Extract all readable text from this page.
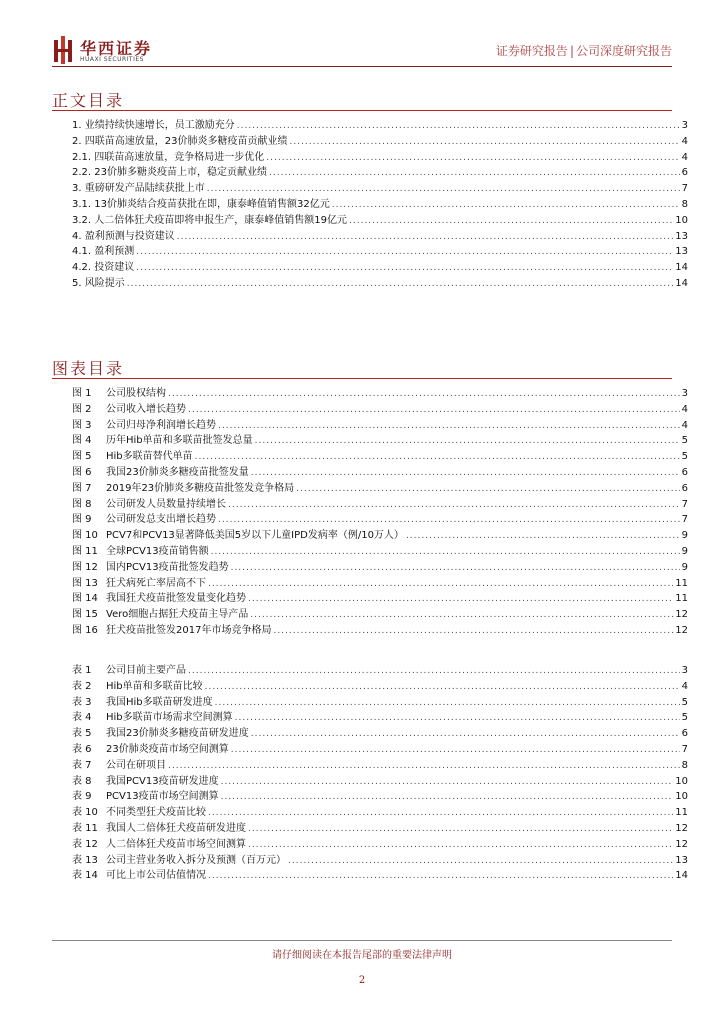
华西证券
HUAXI SECURITIES
证券研究报告 | 公司深度研究报告
正文目录
1. 业绩持续快速增长，员工激励充分 .....	3
2. 四联苗高速放量，23价肺炎多糖疫苗贡献业绩 .....	4
2.1. 四联苗高速放量，竞争格局进一步优化 .....	4
2.2. 23价肺多糖炎疫苗上市，稳定贡献业绩 .....	6
3. 重磅研发产品陆续获批上市 .....	7
3.1. 13价肺炎结合疫苗获批在即，康泰峰值销售额32亿元 .....	8
3.2. 人二倍体狂犬疫苗即将申报生产，康泰峰值销售额19亿元 .....	10
4. 盈利预测与投资建议 .....	13
4.1. 盈利预测 .....	13
4.2. 投资建议 .....	14
5. 风险提示 .....	14
图表目录
图 1 公司股权结构 .....	3
图 2 公司收入增长趋势 .....	4
图 3 公司归母净利润增长趋势 .....	4
图 4 历年Hib单苗和多联苗批签发总量 .....	5
图 5 Hib多联苗替代单苗 .....	5
图 6 我国23价肺炎多糖疫苗批签发量 .....	6
图 7 2019年23价肺炎多糖疫苗批签发竞争格局 .....	6
图 8 公司研发人员数量持续增长 .....	7
图 9 公司研发总支出增长趋势 .....	7
图 10 PCV7和PCV13显著降低美国5岁以下儿童IPD发病率（例/10万人） .....	9
图 11 全球PCV13疫苗销售额 .....	9
图 12 国内PCV13疫苗批签发趋势 .....	9
图 13 狂犬病死亡率居高不下 .....	11
图 14 我国狂犬疫苗批签发量变化趋势 .....	11
图 15 Vero细胞占据狂犬疫苗主导产品 .....	12
图 16 狂犬疫苗批签发2017年市场竞争格局 .....	12
表 1 公司目前主要产品 .....	3
表 2 Hib单苗和多联苗比较 .....	4
表 3 我国Hib多联苗研发进度 .....	5
表 4 Hib多联苗市场需求空间测算 .....	5
表 5 我国23价肺炎多糖疫苗研发进度 .....	6
表 6 23价肺炎疫苗市场空间测算 .....	7
表 7 公司在研项目 .....	8
表 8 我国PCV13疫苗研发进度 .....	10
表 9 PCV13疫苗市场空间测算 .....	10
表 10 不同类型狂犬疫苗比较 .....	11
表 11 我国人二倍体狂犬疫苗研发进度 .....	12
表 12 人二倍体狂犬疫苗市场空间测算 .....	12
表 13 公司主营业务收入拆分及预测（百万元） .....	13
表 14 可比上市公司估值情况 .....	14
请仔细阅读在本报告尾部的重要法律声明
2
